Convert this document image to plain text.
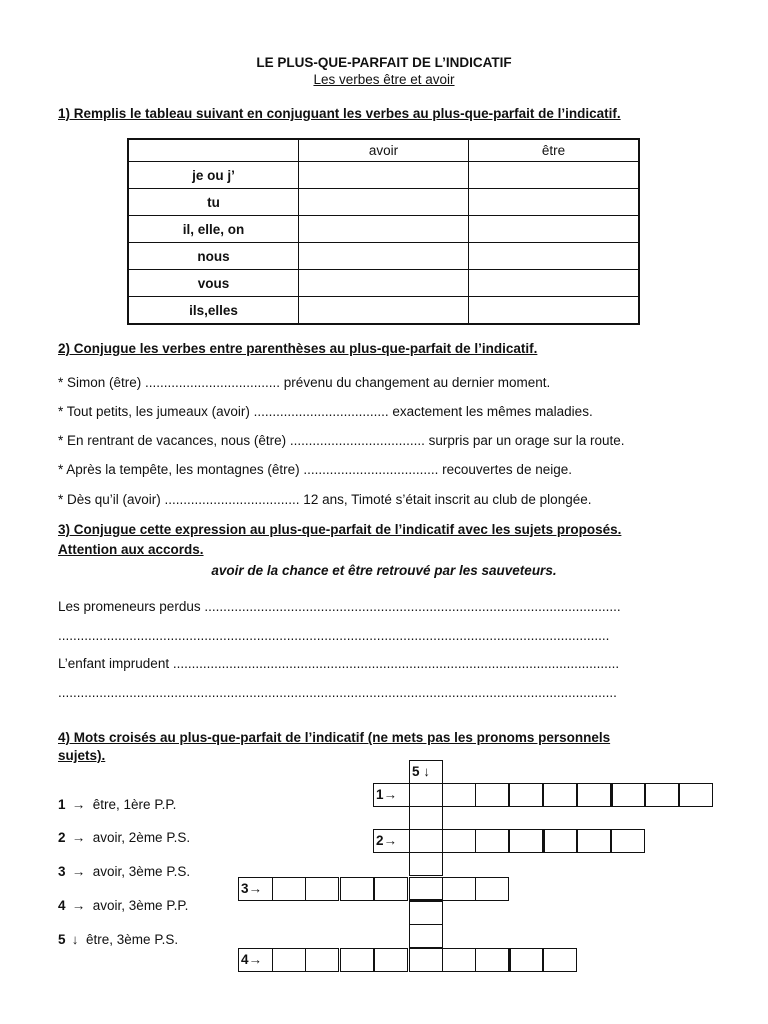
LE PLUS-QUE-PARFAIT DE L’INDICATIF
Les verbes être et avoir
1) Remplis le tableau suivant en conjuguant les verbes au plus-que-parfait de l’indicatif.
	avoir	être
je ou j’		
tu		
il, elle, on		
nous		
vous		
ils,elles		
2) Conjugue les verbes entre parenthèses au plus-que-parfait de l’indicatif.
* Simon (être) .................................... prévenu du changement au dernier moment.
* Tout petits, les jumeaux (avoir) .................................... exactement les mêmes maladies.
* En rentrant de vacances, nous (être) .................................... surpris par un orage sur la route.
* Après la tempête, les montagnes (être) .................................... recouvertes de neige.
* Dès qu’il (avoir) .................................... 12 ans, Timoté s’était inscrit au club de plongée.
3) Conjugue cette expression au plus-que-parfait de l’indicatif avec les sujets proposés.
Attention aux accords.
avoir de la chance et être retrouvé par les sauveteurs.
Les promeneurs perdus ...............................................................................................................
...................................................................................................................................................
L’enfant imprudent .......................................................................................................................
.....................................................................................................................................................
4) Mots croisés au plus-que-parfait de l’indicatif (ne mets pas les pronoms personnels
sujets).
1 → être, 1ère P.P.
2 → avoir, 2ème P.S.
3 → avoir, 3ème P.S.
4 → avoir, 3ème P.P.
5 ↓ être, 3ème P.S.
5 ↓
1→
2→
3→
4→
